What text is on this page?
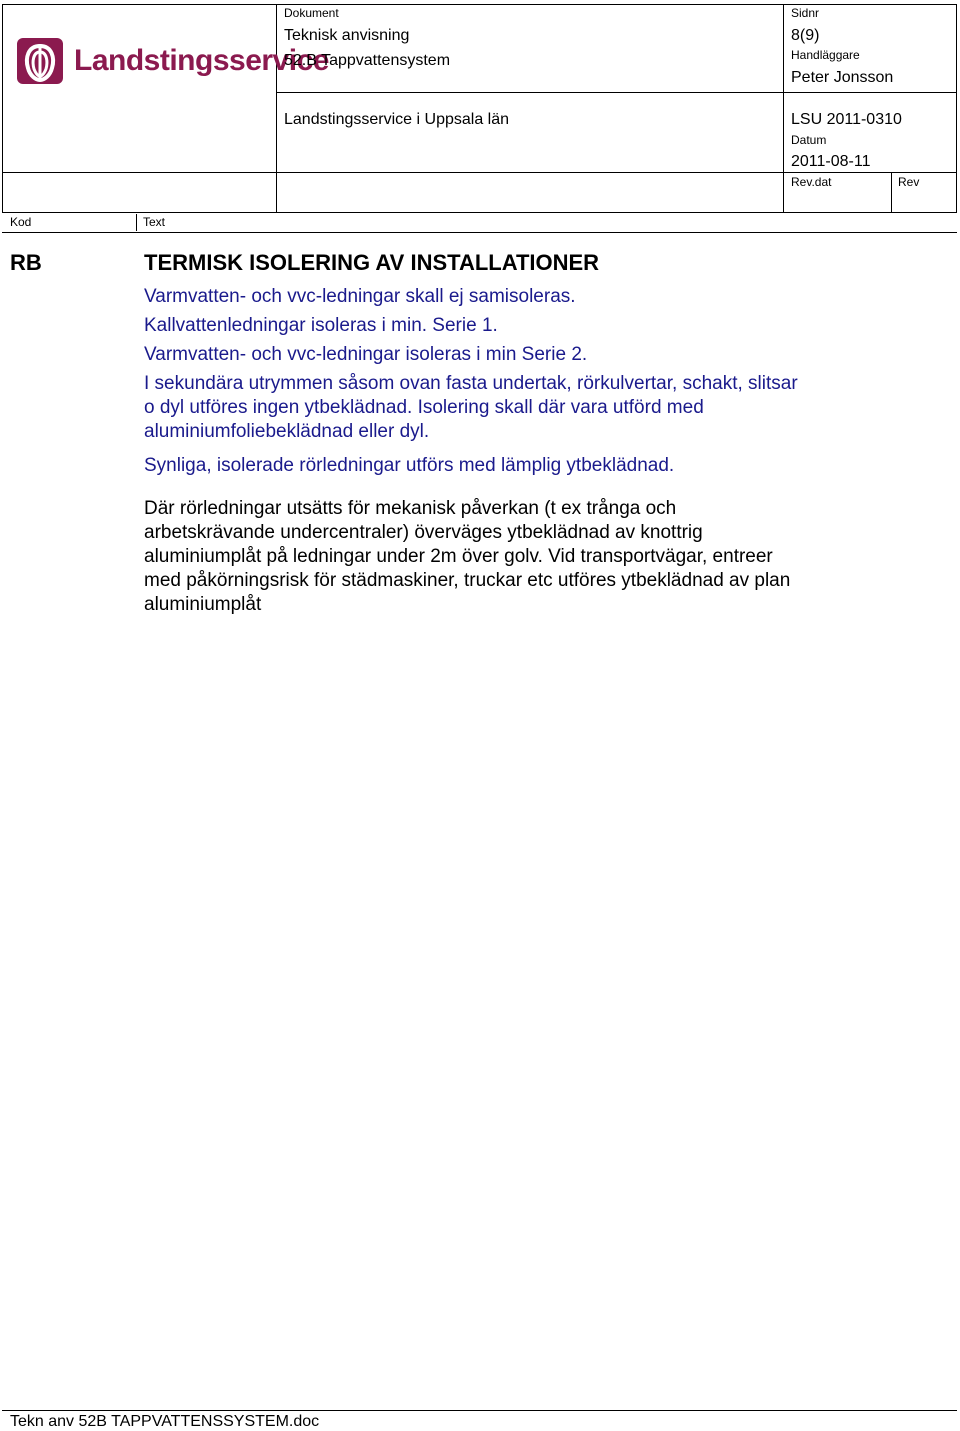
Landstingsservice
Dokument
Teknisk anvisning
52.B Tappvattensystem
Landstingsservice i Uppsala län
Sidnr
8(9)
Handläggare
Peter Jonsson
LSU 2011-0310
Datum
2011-08-11
Rev.dat	Rev
Kod	Text
RB	TERMISK ISOLERING AV INSTALLATIONER
Varmvatten- och vvc-ledningar skall ej samisoleras.
Kallvattenledningar isoleras i min. Serie 1.
Varmvatten- och vvc-ledningar isoleras i min Serie 2.
I sekundära utrymmen såsom ovan fasta undertak, rörkulvertar, schakt, slitsar
o dyl utföres ingen ytbeklädnad. Isolering skall där vara utförd med
aluminiumfoliebeklädnad eller dyl.
Synliga, isolerade rörledningar utförs med lämplig ytbeklädnad.
Där rörledningar utsätts för mekanisk påverkan (t ex trånga och
arbetskrävande undercentraler) överväges ytbeklädnad av knottrig
aluminiumplåt på ledningar under 2m över golv. Vid transportvägar, entreer
med påkörningsrisk för städmaskiner, truckar etc utföres ytbeklädnad av plan
aluminiumplåt
Tekn anv 52B TAPPVATTENSSYSTEM.doc
